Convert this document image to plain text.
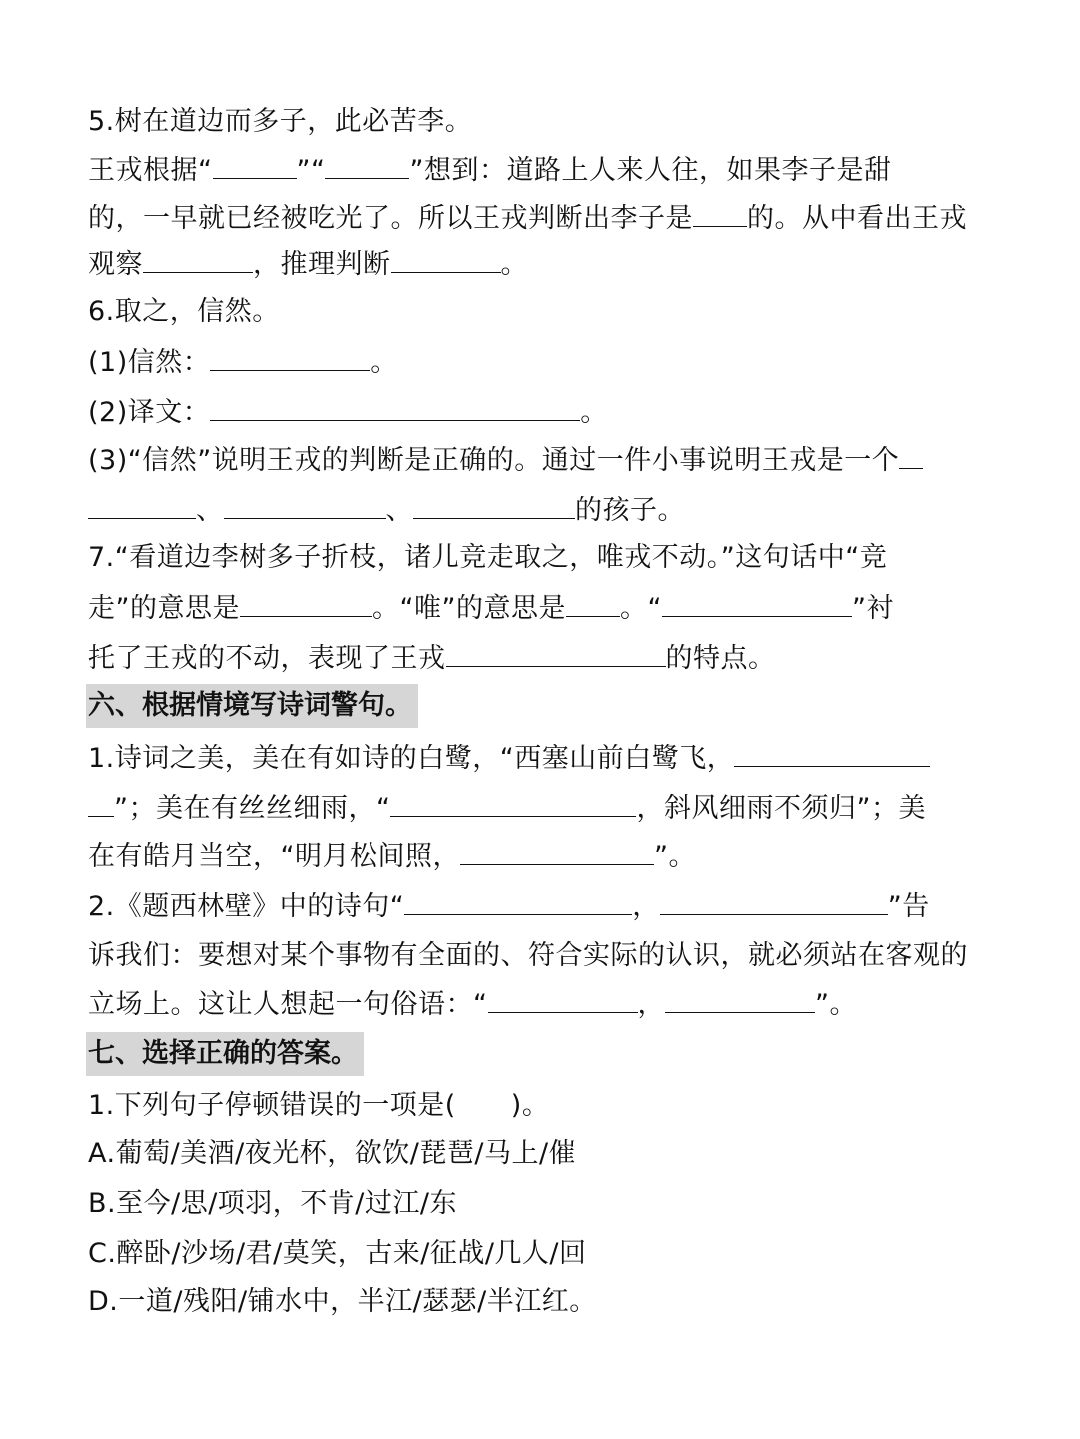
5.树在道边而多子，此必苦李。
王戎根据“	”“	”想到：道路上人来人往，如果李子是甜
的，一早就已经被吃光了。所以王戎判断出李子是 的。从中看出王戎
观察	，推理判断	。
6.取之，信然。
(1)信然：	。
(2)译文：	。
(3)“信然”说明王戎的判断是正确的。通过一件小事说明王戎是一个
、	、	的孩子。
7.“看道边李树多子折枝，诸儿竞走取之，唯戎不动。”这句话中“竞
走”的意思是	。“唯”的意思是 。“	”衬
托了王戎的不动，表现了王戎	的特点。
六、根据情境写诗词警句。
1.诗词之美，美在有如诗的白鹭，“西塞山前白鹭飞，
”；美在有丝丝细雨，“	，斜风细雨不须归”；美
在有皓月当空，“明月松间照，	”。
2.《题西林壁》中的诗句“	，	”告
诉我们：要想对某个事物有全面的、符合实际的认识，就必须站在客观的
立场上。这让人想起一句俗语：“	，	”。
七、选择正确的答案。
1.下列句子停顿错误的一项是(　　)。
A.葡萄/美酒/夜光杯，欲饮/琵琶/马上/催
B.至今/思/项羽，不肯/过江/东
C.醉卧/沙场/君/莫笑，古来/征战/几人/回
D.一道/残阳/铺水中，半江/瑟瑟/半江红。
